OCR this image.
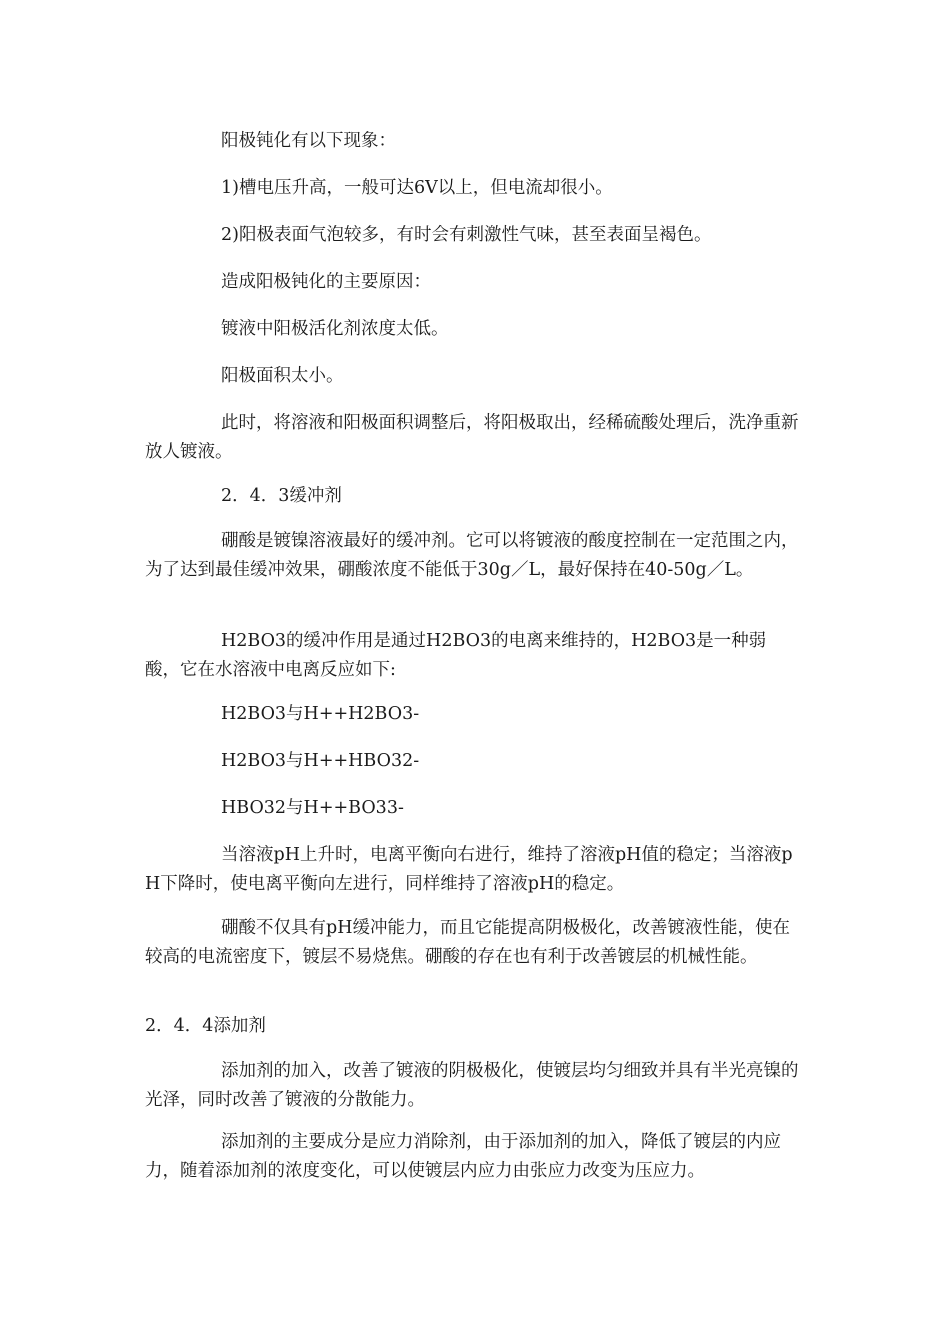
阳极钝化有以下现象：

1)槽电压升高，一般可达6V以上，但电流却很小。

2)阳极表面气泡较多，有时会有刺激性气味，甚至表面呈褐色。

造成阳极钝化的主要原因：

镀液中阳极活化剂浓度太低。

阳极面积太小。

此时，将溶液和阳极面积调整后，将阳极取出，经稀硫酸处理后，洗净重新放人镀液。

2．4．3缓冲剂

硼酸是镀镍溶液最好的缓冲剂。它可以将镀液的酸度控制在一定范围之内，为了达到最佳缓冲效果，硼酸浓度不能低于30g／L，最好保持在40-50g／L。

H2BO3的缓冲作用是通过H2BO3的电离来维持的，H2BO3是一种弱酸，它在水溶液中电离反应如下:

H2BO3与H++H2BO3-

H2BO3与H++HBO32-

HBO32与H++BO33-

当溶液pH上升时，电离平衡向右进行，维持了溶液pH值的稳定；当溶液pH下降时，使电离平衡向左进行，同样维持了溶液pH的稳定。

硼酸不仅具有pH缓冲能力，而且它能提高阴极极化，改善镀液性能，使在较高的电流密度下，镀层不易烧焦。硼酸的存在也有利于改善镀层的机械性能。

2．4．4添加剂

添加剂的加入，改善了镀液的阴极极化，使镀层均匀细致并具有半光亮镍的光泽，同时改善了镀液的分散能力。

添加剂的主要成分是应力消除剂，由于添加剂的加入，降低了镀层的内应力，随着添加剂的浓度变化，可以使镀层内应力由张应力改变为压应力。
